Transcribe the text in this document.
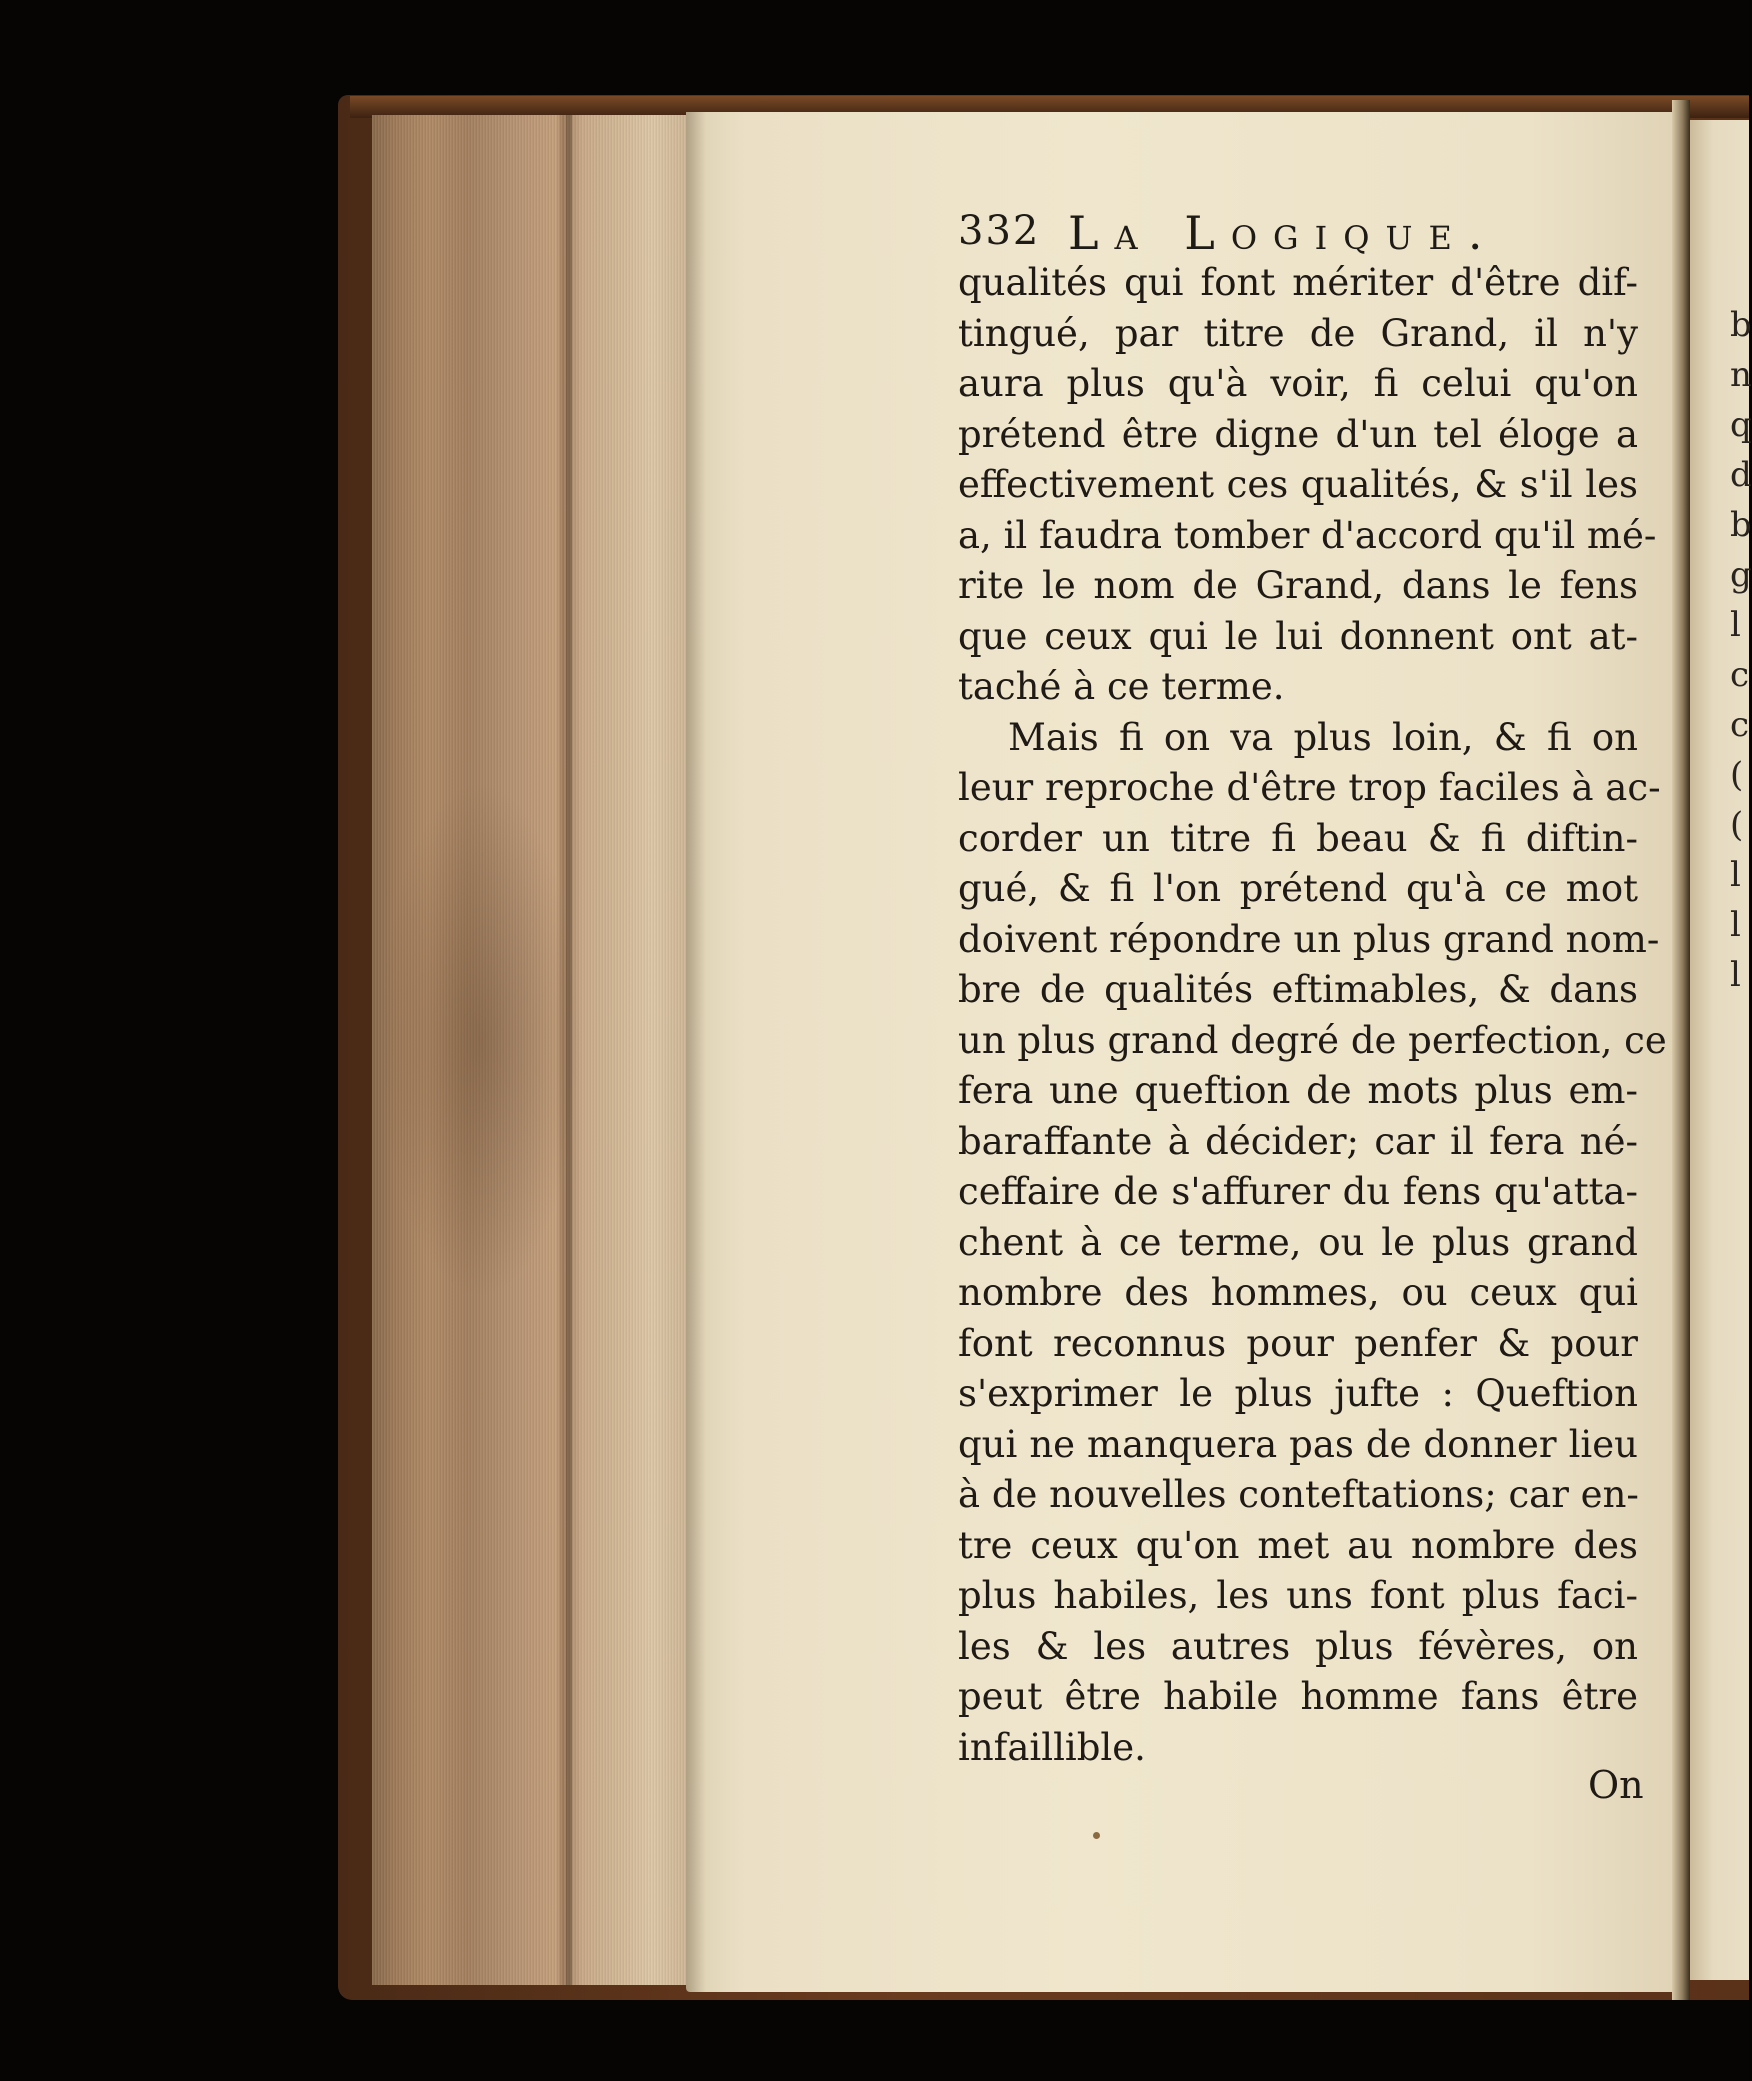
b
n
q
d
b
g
l
c
c
(
(
l
l
l
332 La Logique.
qualités qui font mériter d'être dif-
tingué, par titre de Grand, il n'y
aura plus qu'à voir, fi celui qu'on
prétend être digne d'un tel éloge a
effectivement ces qualités, & s'il les
a, il faudra tomber d'accord qu'il mé-
rite le nom de Grand, dans le fens
que ceux qui le lui donnent ont at-
taché à ce terme.
Mais fi on va plus loin, & fi on
leur reproche d'être trop faciles à ac-
corder un titre fi beau & fi diftin-
gué, & fi l'on prétend qu'à ce mot
doivent répondre un plus grand nom-
bre de qualités eftimables, & dans
un plus grand degré de perfection, ce
fera une queftion de mots plus em-
baraffante à décider; car il fera né-
ceffaire de s'affurer du fens qu'atta-
chent à ce terme, ou le plus grand
nombre des hommes, ou ceux qui
font reconnus pour penfer & pour
s'exprimer le plus jufte : Queftion
qui ne manquera pas de donner lieu
à de nouvelles conteftations; car en-
tre ceux qu'on met au nombre des
plus habiles, les uns font plus faci-
les & les autres plus févères, on
peut être habile homme fans être
infaillible.
On
